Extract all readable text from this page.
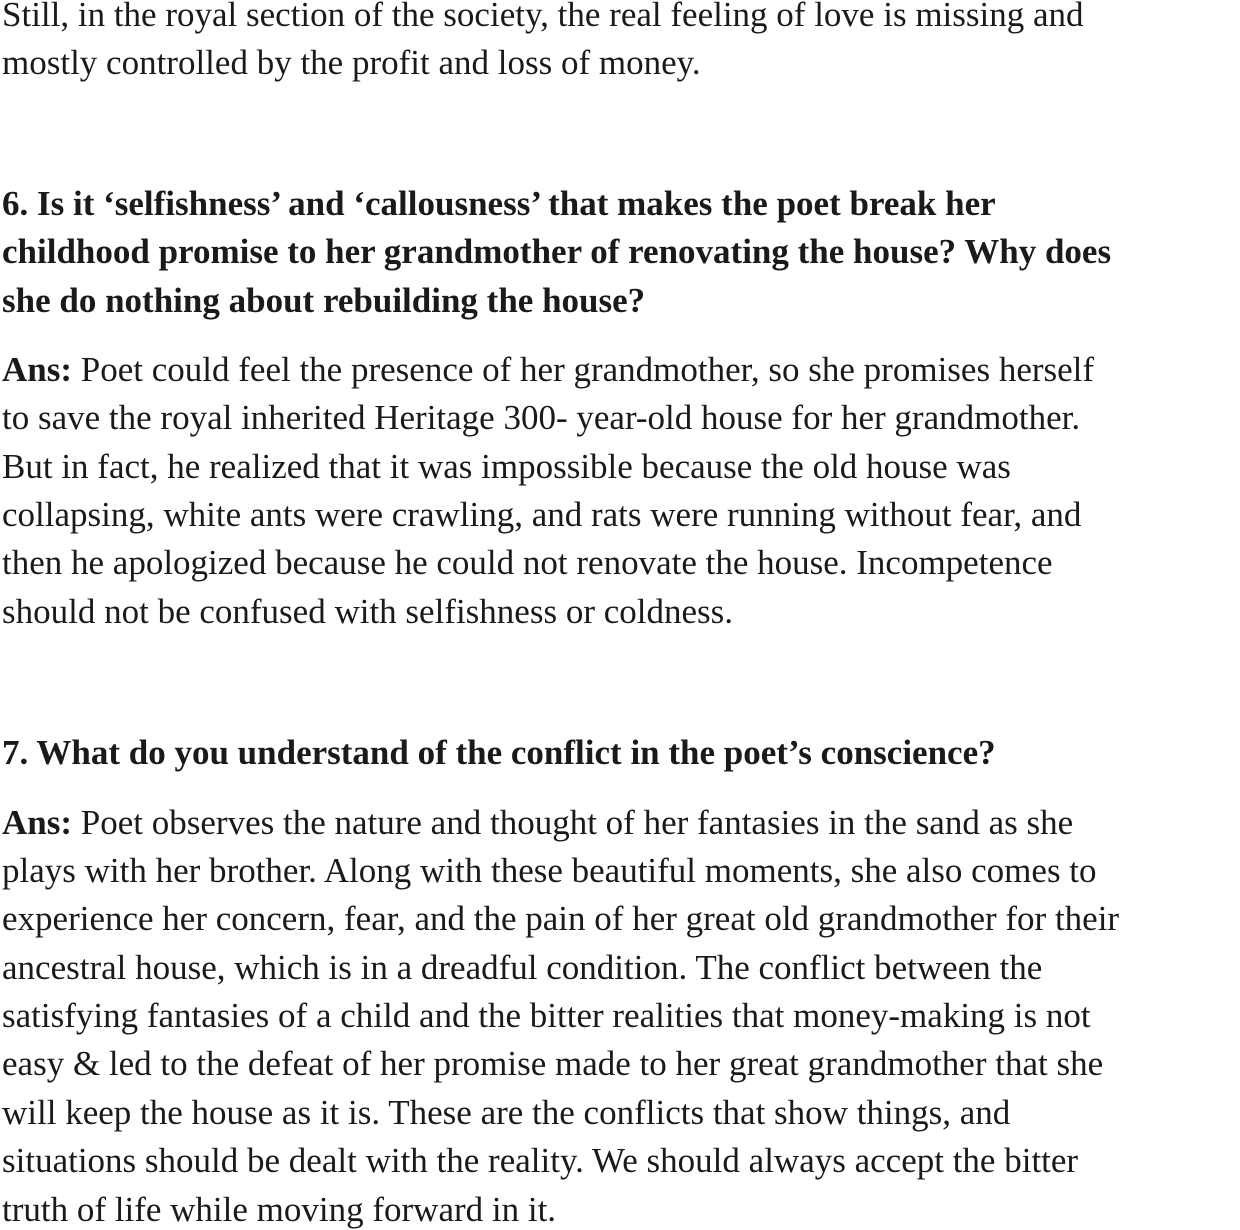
Still, in the royal section of the society, the real feeling of love is missing and
mostly controlled by the profit and loss of money.
6. Is it ‘selfishness’ and ‘callousness’ that makes the poet break her
childhood promise to her grandmother of renovating the house? Why does
she do nothing about rebuilding the house?
Ans: Poet could feel the presence of her grandmother, so she promises herself
to save the royal inherited Heritage 300- year-old house for her grandmother.
But in fact, he realized that it was impossible because the old house was
collapsing, white ants were crawling, and rats were running without fear, and
then he apologized because he could not renovate the house. Incompetence
should not be confused with selfishness or coldness.
7. What do you understand of the conflict in the poet’s conscience?
Ans: Poet observes the nature and thought of her fantasies in the sand as she
plays with her brother. Along with these beautiful moments, she also comes to
experience her concern, fear, and the pain of her great old grandmother for their
ancestral house, which is in a dreadful condition. The conflict between the
satisfying fantasies of a child and the bitter realities that money-making is not
easy & led to the defeat of her promise made to her great grandmother that she
will keep the house as it is. These are the conflicts that show things, and
situations should be dealt with the reality. We should always accept the bitter
truth of life while moving forward in it.
